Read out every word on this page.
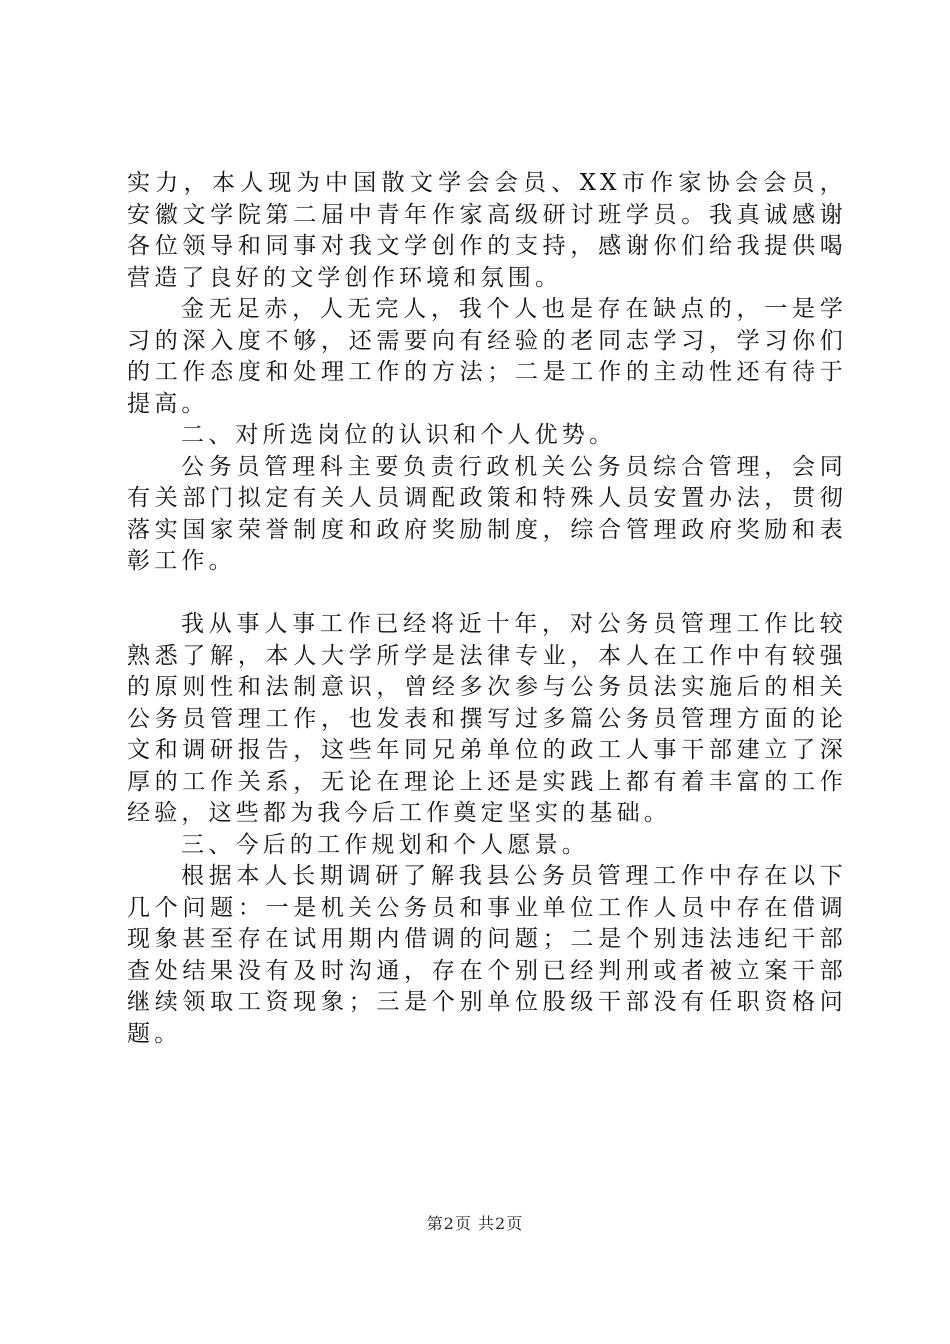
实力，本人现为中国散文学会会员、XX市作家协会会员，安徽文学院第二届中青年作家高级研讨班学员。我真诚感谢各位领导和同事对我文学创作的支持，感谢你们给我提供喝营造了良好的文学创作环境和氛围。

金无足赤，人无完人，我个人也是存在缺点的，一是学习的深入度不够，还需要向有经验的老同志学习，学习你们的工作态度和处理工作的方法；二是工作的主动性还有待于提高。

二、对所选岗位的认识和个人优势。

公务员管理科主要负责行政机关公务员综合管理，会同有关部门拟定有关人员调配政策和特殊人员安置办法，贯彻落实国家荣誉制度和政府奖励制度，综合管理政府奖励和表彰工作。

我从事人事工作已经将近十年，对公务员管理工作比较熟悉了解，本人大学所学是法律专业，本人在工作中有较强的原则性和法制意识，曾经多次参与公务员法实施后的相关公务员管理工作，也发表和撰写过多篇公务员管理方面的论文和调研报告，这些年同兄弟单位的政工人事干部建立了深厚的工作关系，无论在理论上还是实践上都有着丰富的工作经验，这些都为我今后工作奠定坚实的基础。

三、今后的工作规划和个人愿景。

根据本人长期调研了解我县公务员管理工作中存在以下几个问题：一是机关公务员和事业单位工作人员中存在借调现象甚至存在试用期内借调的问题；二是个别违法违纪干部查处结果没有及时沟通，存在个别已经判刑或者被立案干部继续领取工资现象；三是个别单位股级干部没有任职资格问题。

第2页 共2页
